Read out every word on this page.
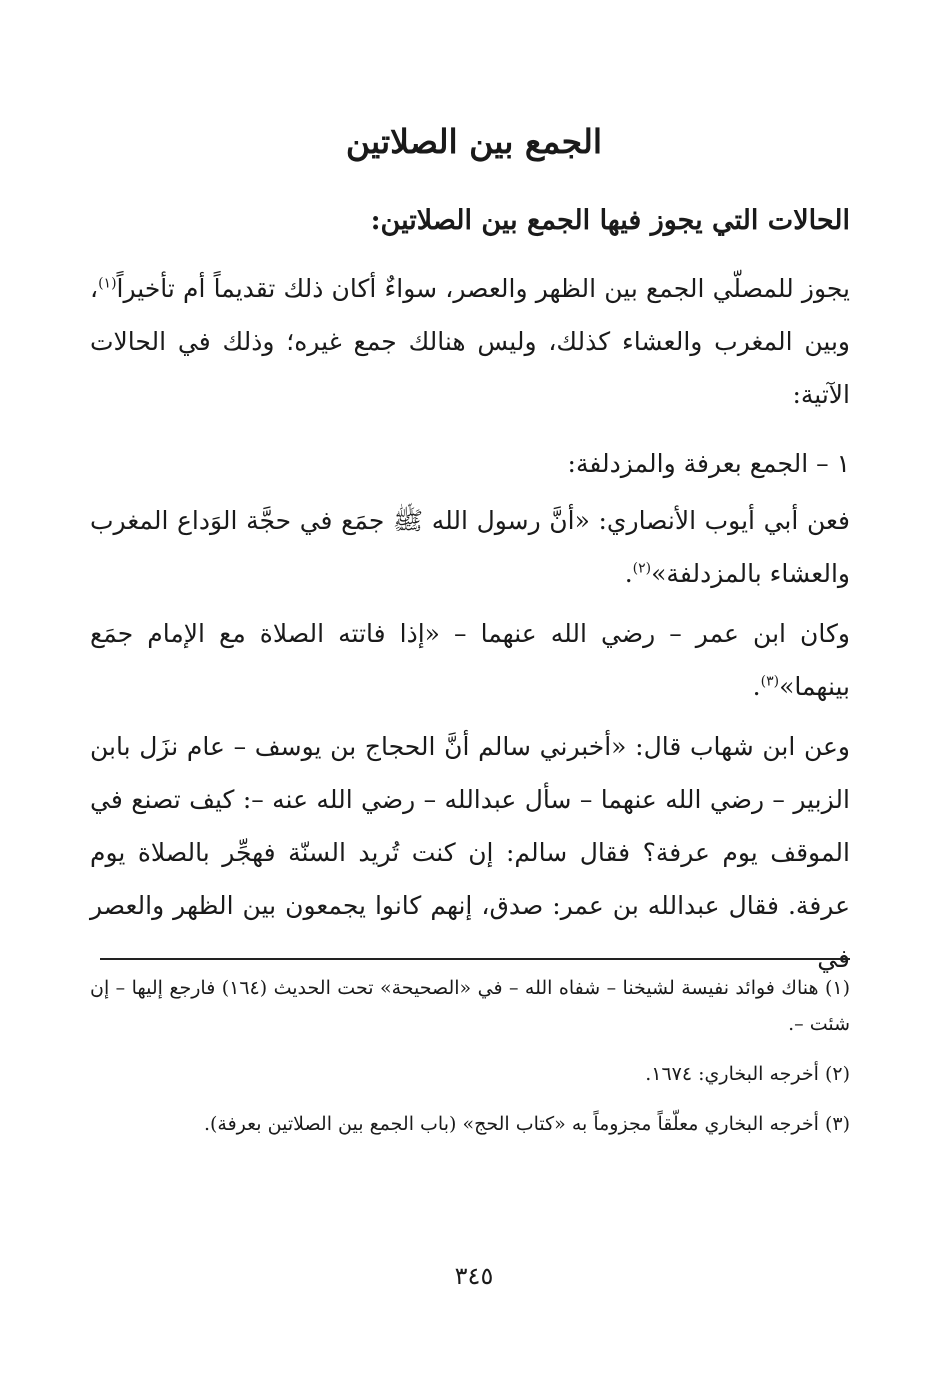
الجمع بين الصلاتين
الحالات التي يجوز فيها الجمع بين الصلاتين:

يجوز للمصلّي الجمع بين الظهر والعصر، سواءٌ أكان ذلك تقديماً أم تأخيراً$^{(١)}$، وبين المغرب والعشاء كذلك، وليس هنالك جمع غيره؛ وذلك في الحالات الآتية:

١ – الجمع بعرفة والمزدلفة:

فعن أبي أيوب الأنصاري: «أنَّ رسول الله ﷺ جمَع في حجَّة الوَداع المغرب والعشاء بالمزدلفة»$^{(٢)}$.

وكان ابن عمر – رضي الله عنهما – «إذا فاتته الصلاة مع الإمام جمَع بينهما»$^{(٣)}$.

وعن ابن شهاب قال: «أخبرني سالم أنَّ الحجاج بن يوسف – عام نزَل بابن الزبير – رضي الله عنهما – سأل عبدالله – رضي الله عنه –: كيف تصنع في الموقف يوم عرفة؟ فقال سالم: إن كنت تُريد السنّة فهجِّر بالصلاة يوم عرفة. فقال عبدالله بن عمر: صدق، إنهم كانوا يجمعون بين الظهر والعصر في

(١) هناك فوائد نفيسة لشيخنا – شفاه الله – في «الصحيحة» تحت الحديث (١٦٤) فارجع إليها – إن شئت –.

(٢) أخرجه البخاري: ١٦٧٤.

(٣) أخرجه البخاري معلّقاً مجزوماً به «كتاب الحج» (باب الجمع بين الصلاتين بعرفة).

٣٤٥
